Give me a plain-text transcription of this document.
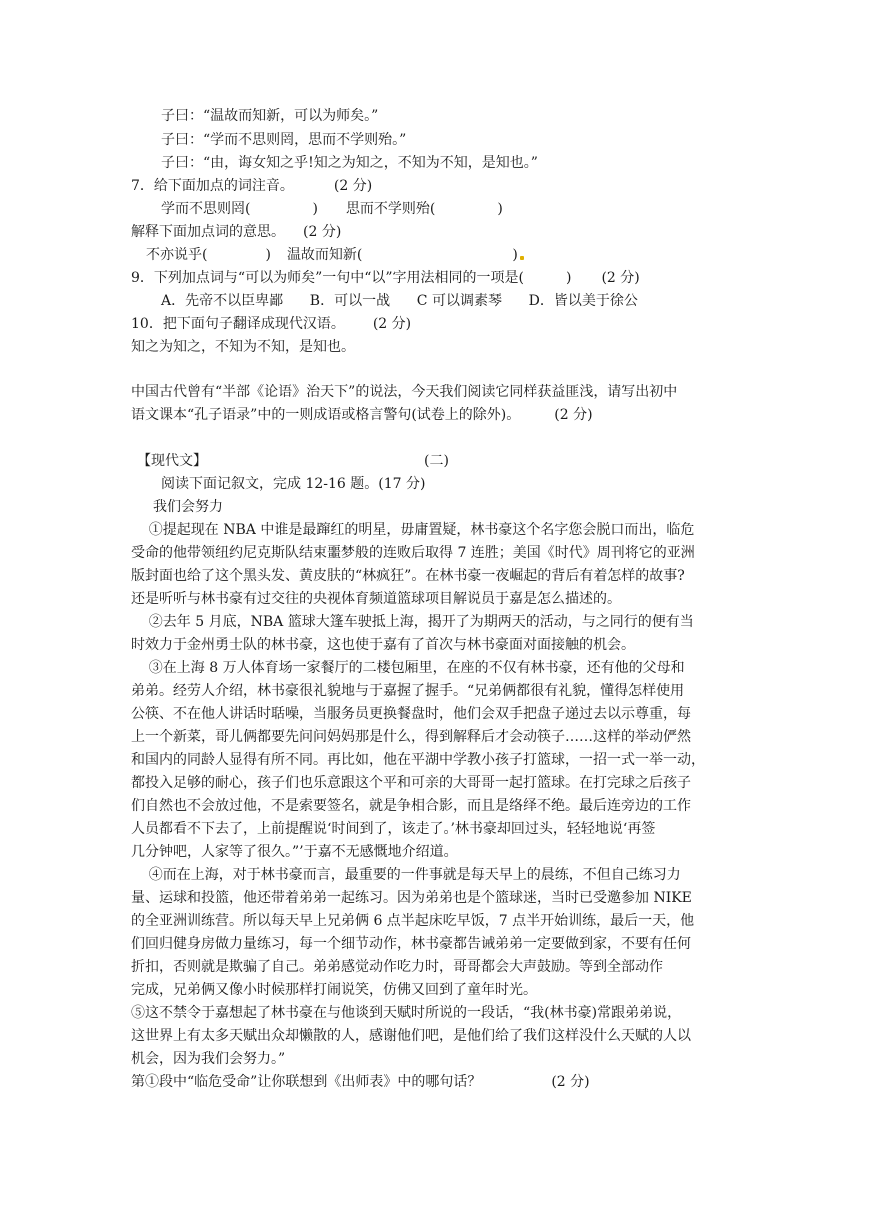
子曰：“温故而知新，可以为师矣。”
子曰：“学而不思则罔，思而不学则殆。”
子曰：“由，诲女知之乎!知之为知之，不知为不知，是知也。”
7．给下面加点的词注音。	(2 分)
学而不思则罔(	) 思而不学则殆(	)
解释下面加点词的意思。 (2 分)
不亦说乎(	) 温故而知新(	)
9．下列加点词与“可以为师矣”一句中“以”字用法相同的一项是(	) (2 分)
A．先帝不以臣卑鄙      B．可以一战      C 可以调素琴      D．皆以美于徐公
10．把下面句子翻译成现代汉语。 (2 分)
知之为知之，不知为不知，是知也。
中国古代曾有“半部《论语》治天下”的说法，今天我们阅读它同样获益匪浅，请写出初中
语文课本“孔子语录”中的一则成语或格言警句(试卷上的除外)。 (2 分)
【现代文】	(二)
阅读下面记叙文，完成 12-16 题。(17 分)
我们会努力
①提起现在 NBA 中谁是最蹿红的明星，毋庸置疑，林书豪这个名字您会脱口而出，临危
受命的他带领纽约尼克斯队结束噩梦般的连败后取得 7 连胜；美国《时代》周刊将它的亚洲
版封面也给了这个黑头发、黄皮肤的“林疯狂”。在林书豪一夜崛起的背后有着怎样的故事?
还是听听与林书豪有过交往的央视体育频道篮球项目解说员于嘉是怎么描述的。
②去年 5 月底，NBA 篮球大篷车驶抵上海，揭开了为期两天的活动，与之同行的便有当
时效力于金州勇士队的林书豪，这也使于嘉有了首次与林书豪面对面接触的机会。
③在上海 8 万人体育场一家餐厅的二楼包厢里，在座的不仅有林书豪，还有他的父母和
弟弟。经劳人介绍，林书豪很礼貌地与于嘉握了握手。“兄弟俩都很有礼貌，懂得怎样使用
公筷、不在他人讲话时聒噪，当服务员更换餐盘时，他们会双手把盘子递过去以示尊重，每
上一个新菜，哥儿俩都要先问问妈妈那是什么，得到解释后才会动筷子……这样的举动俨然
和国内的同龄人显得有所不同。再比如，他在平湖中学教小孩子打篮球，一招一式一举一动，
都投入足够的耐心，孩子们也乐意跟这个平和可亲的大哥哥一起打篮球。在打完球之后孩子
们自然也不会放过他，不是索要签名，就是争相合影，而且是络绎不绝。最后连旁边的工作
人员都看不下去了，上前提醒说‘时间到了，该走了。’林书豪却回过头，轻轻地说‘再签
几分钟吧，人家等了很久。”’于嘉不无感慨地介绍道。
④而在上海，对于林书豪而言，最重要的一件事就是每天早上的晨练，不但自己练习力
量、运球和投篮，他还带着弟弟一起练习。因为弟弟也是个篮球迷，当时已受邀参加 NIKE
的全亚洲训练营。所以每天早上兄弟俩 6 点半起床吃早饭，7 点半开始训练，最后一天，他
们回归健身房做力量练习，每一个细节动作，林书豪都告诫弟弟一定要做到家，不要有任何
折扣，否则就是欺骗了自己。弟弟感觉动作吃力时，哥哥都会大声鼓励。等到全部动作
完成，兄弟俩又像小时候那样打闹说笑，仿佛又回到了童年时光。
⑤这不禁令于嘉想起了林书豪在与他谈到天赋时所说的一段话，“我(林书豪)常跟弟弟说，
这世界上有太多天赋出众却懒散的人，感谢他们吧，是他们给了我们这样没什么天赋的人以
机会，因为我们会努力。”
第①段中“临危受命”让你联想到《出师表》中的哪句话？	(2 分)
